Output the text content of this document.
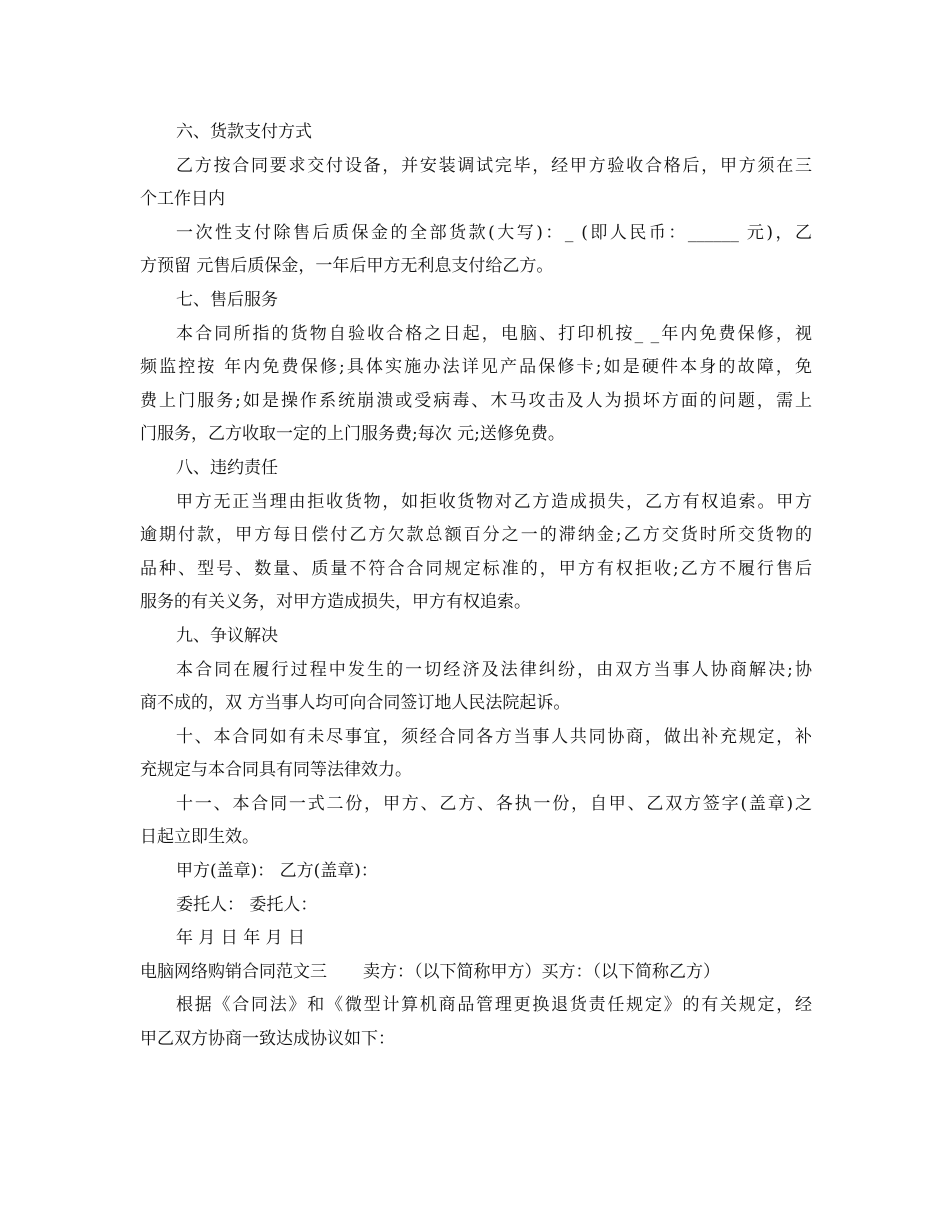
六、货款支付方式
乙方按合同要求交付设备，并安装调试完毕，经甲方验收合格后，甲方须在三
个工作日内
一次性支付除售后质保金的全部货款(大写)：_ (即人民币：______ 元)，乙
方预留 元售后质保金，一年后甲方无利息支付给乙方。
七、售后服务
本合同所指的货物自验收合格之日起，电脑、打印机按_ _年内免费保修，视
频监控按 年内免费保修;具体实施办法详见产品保修卡;如是硬件本身的故障，免
费上门服务;如是操作系统崩溃或受病毒、木马攻击及人为损坏方面的问题，需上
门服务，乙方收取一定的上门服务费;每次 元;送修免费。
八、违约责任
甲方无正当理由拒收货物，如拒收货物对乙方造成损失，乙方有权追索。甲方
逾期付款，甲方每日偿付乙方欠款总额百分之一的滞纳金;乙方交货时所交货物的
品种、型号、数量、质量不符合合同规定标准的，甲方有权拒收;乙方不履行售后
服务的有关义务，对甲方造成损失，甲方有权追索。
九、争议解决
本合同在履行过程中发生的一切经济及法律纠纷，由双方当事人协商解决;协
商不成的，双 方当事人均可向合同签订地人民法院起诉。
十、本合同如有未尽事宜，须经合同各方当事人共同协商，做出补充规定，补
充规定与本合同具有同等法律效力。
十一、本合同一式二份，甲方、乙方、各执一份，自甲、乙双方签字(盖章)之
日起立即生效。
甲方(盖章)： 乙方(盖章)：
委托人： 委托人：
年 月 日 年 月 日
电脑网络购销合同范文三 卖方：（以下简称甲方）买方：（以下简称乙方）
根据《合同法》和《微型计算机商品管理更换退货责任规定》的有关规定，经
甲乙双方协商一致达成协议如下：
